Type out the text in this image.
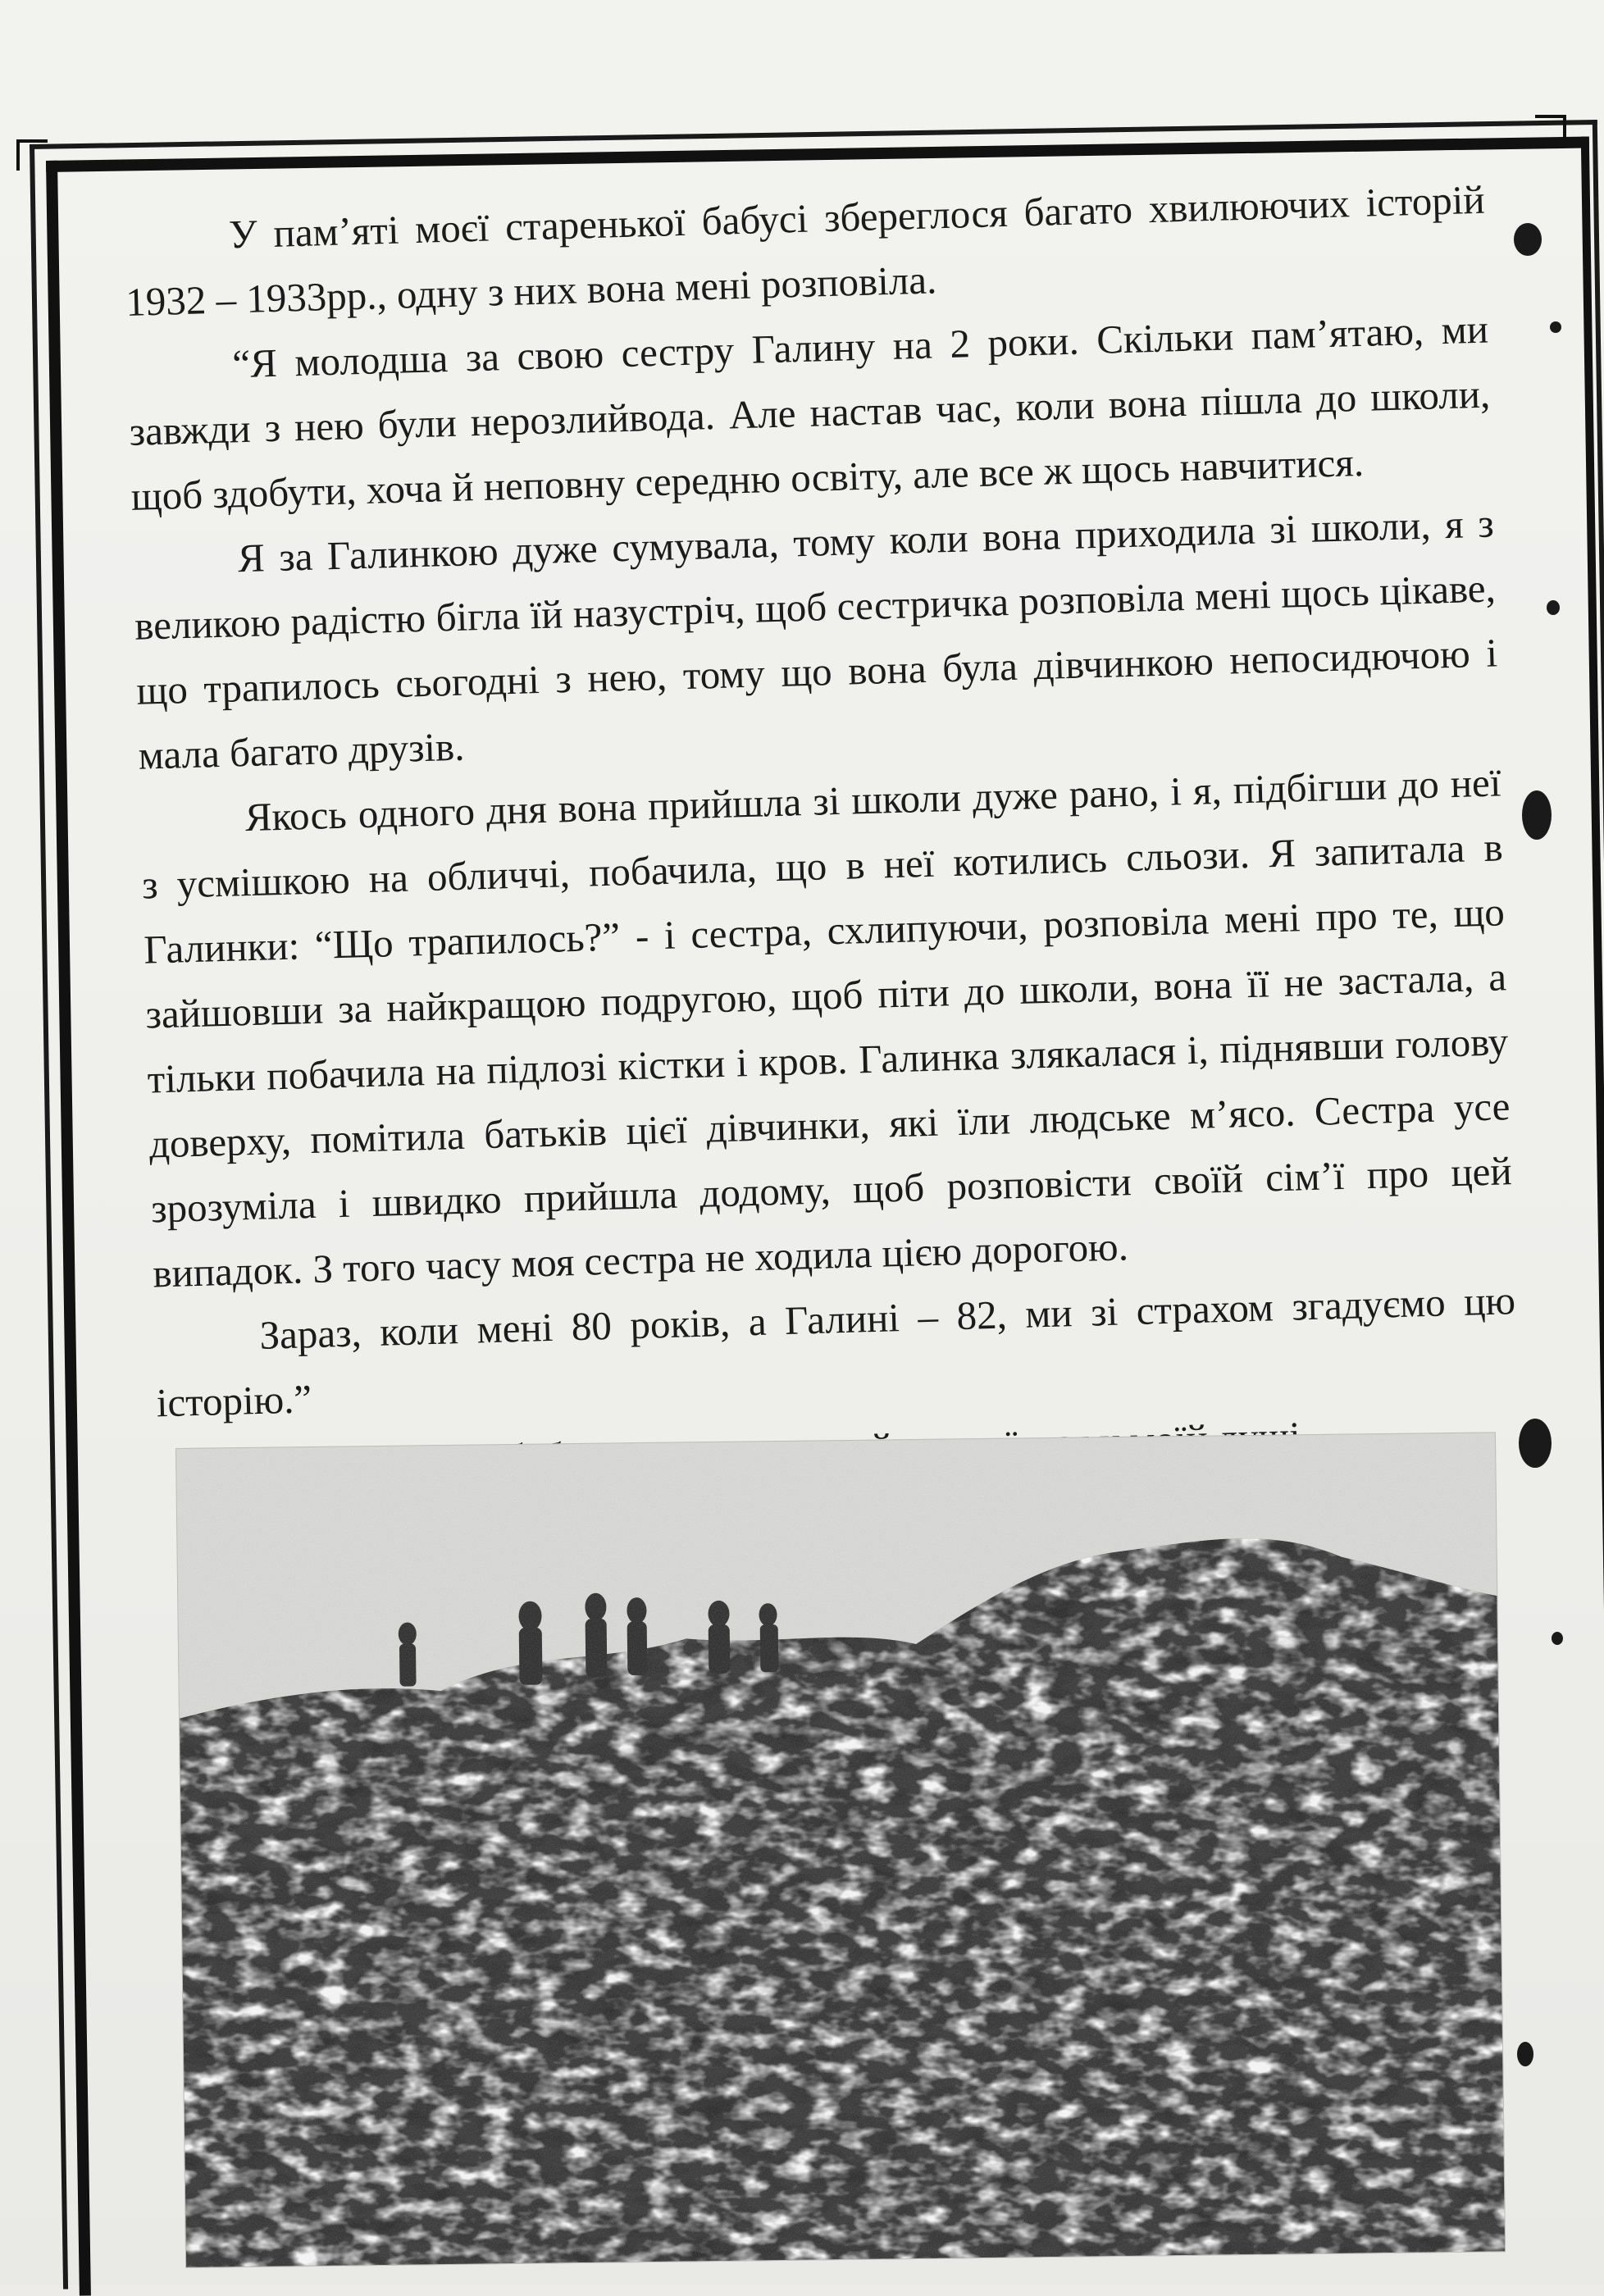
У пам’яті моєї старенької бабусі збереглося багато хвилюючих історій 1932 – 1933рр., одну з них вона мені розповіла.

“Я молодша за свою сестру Галину на 2 роки. Скільки пам’ятаю, ми завжди з нею були нерозлийвода. Але настав час, коли вона пішла до школи, щоб здобути, хоча й неповну середню освіту, але все ж щось навчитися.

Я за Галинкою дуже сумувала, тому коли вона приходила зі школи, я з великою радістю бігла їй назустріч, щоб сестричка розповіла мені щось цікаве, що трапилось сьогодні з нею, тому що вона була дівчинкою непосидючою і мала багато друзів.

Якось одного дня вона прийшла зі школи дуже рано, і я, підбігши до неї з усмішкою на обличчі, побачила, що в неї котились сльози. Я запитала в Галинки: “Що трапилось?” - і сестра, схлипуючи, розповіла мені про те, що зайшовши за найкращою подругою, щоб піти до школи, вона її не застала, а тільки побачила на підлозі кістки і кров. Галинка злякалася і, піднявши голову доверху, помітила батьків цієї дівчинки, які їли людське м’ясо. Сестра усе зрозуміла і швидко прийшла додому, щоб розповісти своїй сім’ї про цей випадок. З того часу моя сестра не ходила цією дорогою.

Зараз, коли мені 80 років, а Галині – 82, ми зі страхом згадуємо цю історію.”
